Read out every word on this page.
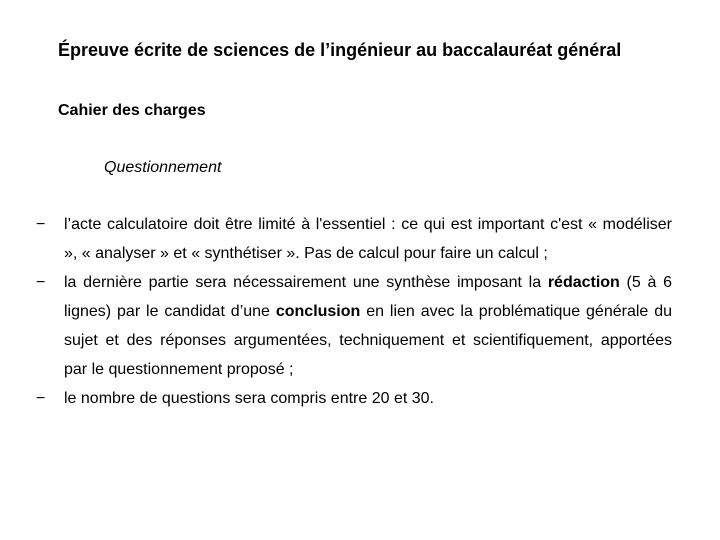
Épreuve écrite de sciences de l’ingénieur au baccalauréat général
Cahier des charges
Questionnement
−	l’acte calculatoire doit être limité à l'essentiel : ce qui est important c'est « modéliser », « analyser » et « synthétiser ». Pas de calcul pour faire un calcul ;
−	la dernière partie sera nécessairement une synthèse imposant la rédaction (5 à 6 lignes) par le candidat d’une conclusion en lien avec la problématique générale du sujet et des réponses argumentées, techniquement et scientifiquement, apportées par le questionnement proposé ;
−	le nombre de questions sera compris entre 20 et 30.
